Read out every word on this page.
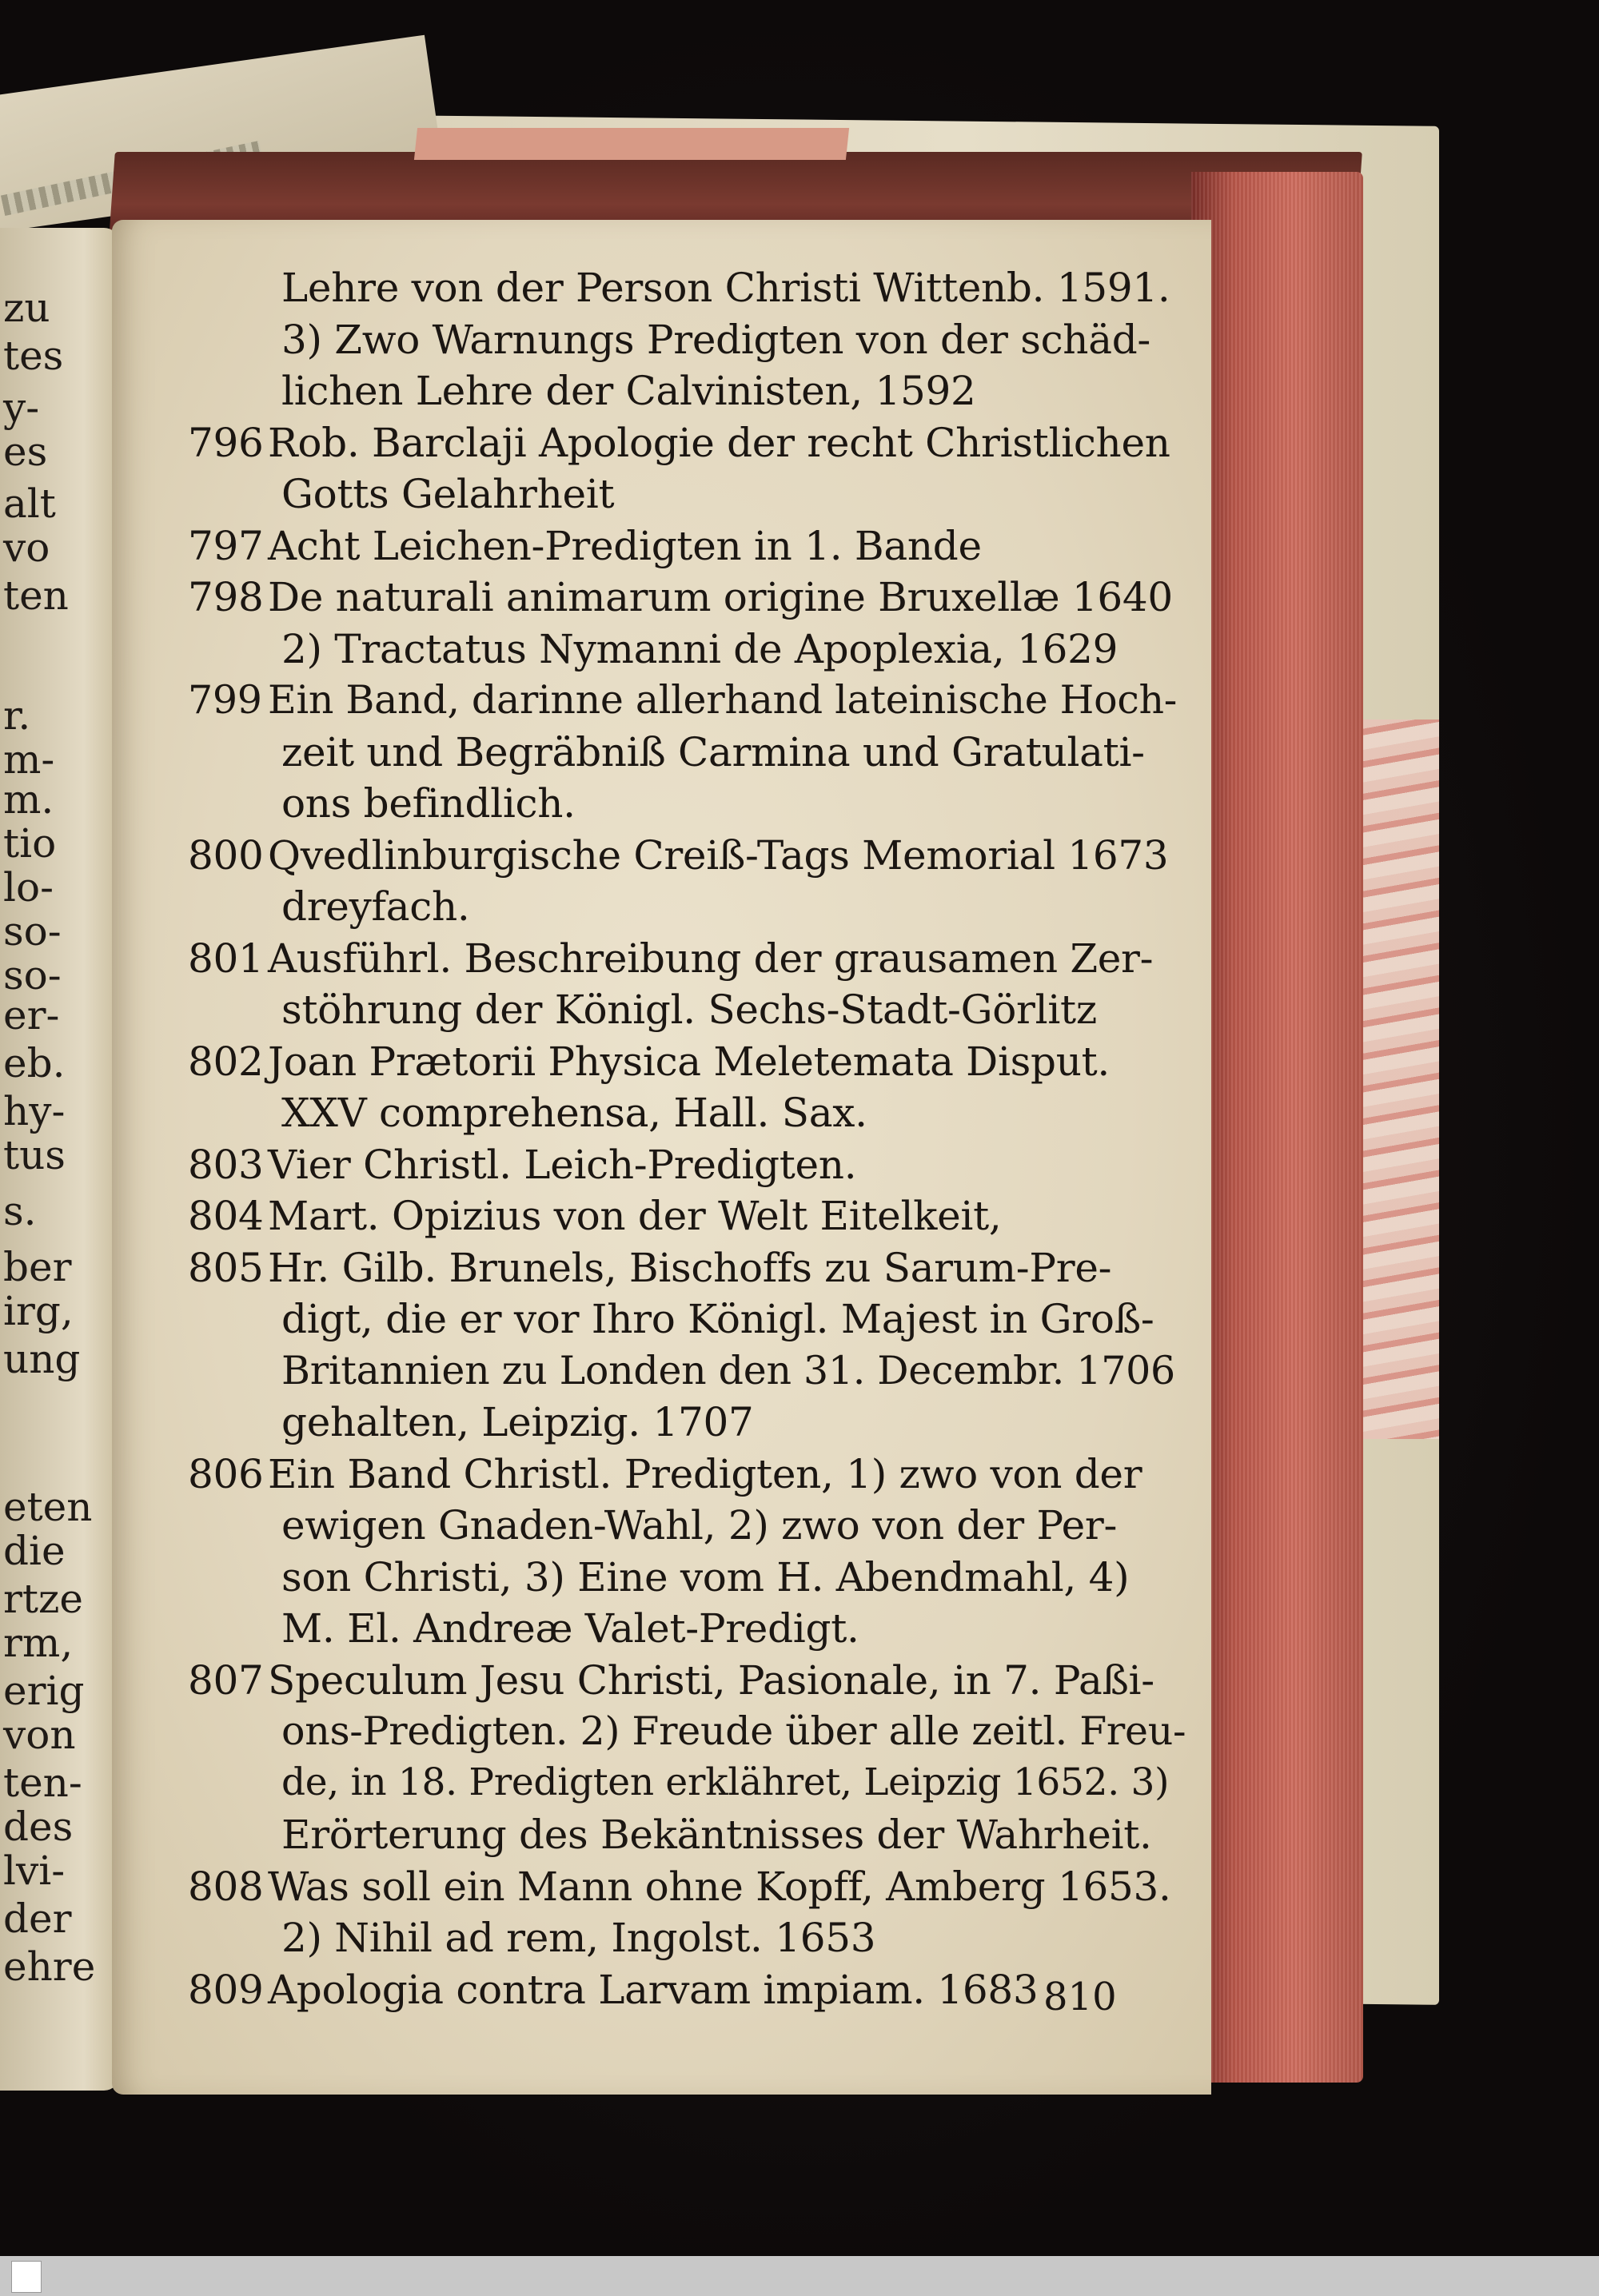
zu
tes
y-
es
alt
vo
ten
r.
m-
m.
tio
lo-
so-
so-
er-
eb.
hy-
tus
s.
ber
irg,
ung
eten
die
rtze
rm,
erig
von
ten-
des
lvi-
der
ehre
Lehre von der Person Christi Wittenb. 1591.
3) Zwo Warnungs Predigten von der schäd-
lichen Lehre der Calvinisten, 1592
796 Rob. Barclaji Apologie der recht Christlichen
Gotts Gelahrheit
797 Acht Leichen-Predigten in 1. Bande
798 De naturali animarum origine Bruxellæ 1640
2) Tractatus Nymanni de Apoplexia, 1629
799 Ein Band, darinne allerhand lateinische Hoch-
zeit und Begräbniß Carmina und Gratulati-
ons befindlich.
800 Qvedlinburgische Creiß-Tags Memorial 1673
dreyfach.
801 Ausführl. Beschreibung der grausamen Zer-
stöhrung der Königl. Sechs-Stadt-Görlitz
802 Joan Prætorii Physica Meletemata Disput.
XXV comprehensa, Hall. Sax.
803 Vier Christl. Leich-Predigten.
804 Mart. Opizius von der Welt Eitelkeit,
805 Hr. Gilb. Brunels, Bischoffs zu Sarum-Pre-
digt, die er vor Ihro Königl. Majest in Groß-
Britannien zu Londen den 31. Decembr. 1706
gehalten, Leipzig. 1707
806 Ein Band Christl. Predigten, 1) zwo von der
ewigen Gnaden-Wahl, 2) zwo von der Per-
son Christi, 3) Eine vom H. Abendmahl, 4)
M. El. Andreæ Valet-Predigt.
807 Speculum Jesu Christi, Pasionale, in 7. Paßi-
ons-Predigten. 2) Freude über alle zeitl. Freu-
de, in 18. Predigten erklähret, Leipzig 1652. 3)
Erörterung des Bekäntnisses der Wahrheit.
808 Was soll ein Mann ohne Kopff, Amberg 1653.
2) Nihil ad rem, Ingolst. 1653
809 Apologia contra Larvam impiam. 1683 810
